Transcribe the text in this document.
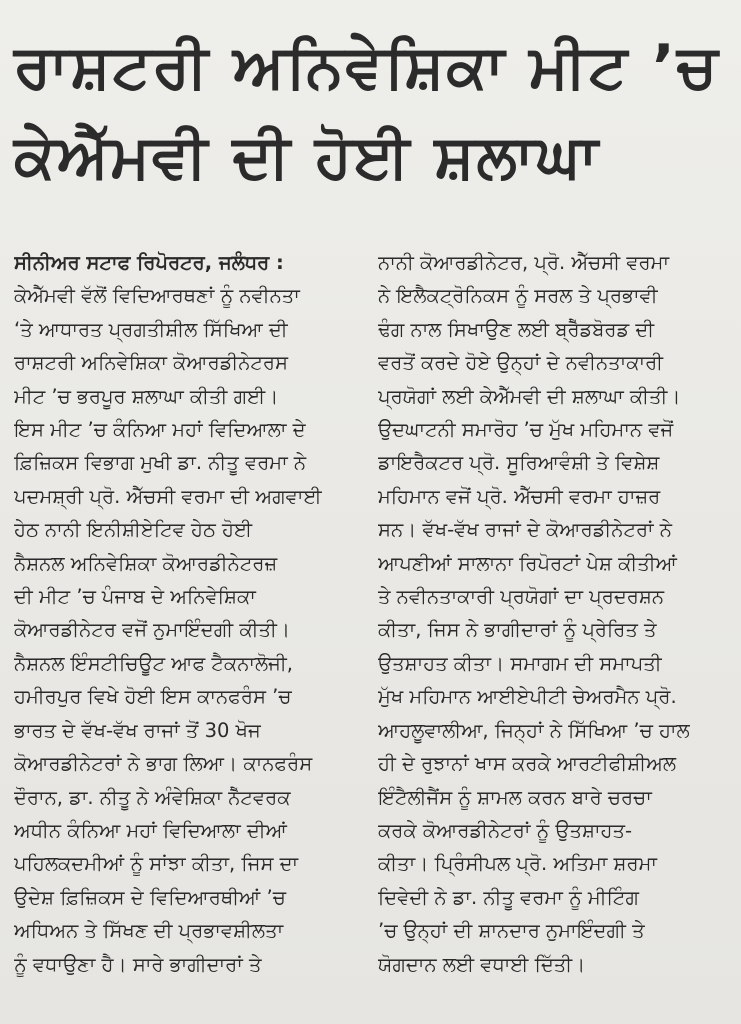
ਰਾਸ਼ਟਰੀ ਅਨਿਵੇਸ਼ਿਕਾ ਮੀਟ ’ਚ
ਕੇਐੱਮਵੀ ਦੀ ਹੋਈ ਸ਼ਲਾਘਾ
ਸੀਨੀਅਰ ਸਟਾਫ ਰਿਪੋਰਟਰ, ਜਲੰਧਰ :
ਕੇਐੱਮਵੀ ਵੱਲੋਂ ਵਿਦਿਆਰਥਣਾਂ ਨੂੰ ਨਵੀਨਤਾ
‘ਤੇ ਆਧਾਰਤ ਪ੍ਰਗਤੀਸ਼ੀਲ ਸਿੱਖਿਆ ਦੀ
ਰਾਸ਼ਟਰੀ ਅਨਿਵੇਸ਼ਿਕਾ ਕੋਆਰਡੀਨੇਟਰਸ
ਮੀਟ ’ਚ ਭਰਪੂਰ ਸ਼ਲਾਘਾ ਕੀਤੀ ਗਈ।
ਇਸ ਮੀਟ ’ਚ ਕੰਨਿਆ ਮਹਾਂ ਵਿਦਿਆਲਾ ਦੇ
ਫ਼ਿਜ਼ਿਕਸ ਵਿਭਾਗ ਮੁਖੀ ਡਾ. ਨੀਤੂ ਵਰਮਾ ਨੇ
ਪਦਮਸ਼੍ਰੀ ਪ੍ਰੋ. ਐੱਚਸੀ ਵਰਮਾ ਦੀ ਅਗਵਾਈ
ਹੇਠ ਨਾਨੀ ਇਨੀਸ਼ੀਏਟਿਵ ਹੇਠ ਹੋਈ
ਨੈਸ਼ਨਲ ਅਨਿਵੇਸ਼ਿਕਾ ਕੋਆਰਡੀਨੇਟਰਜ਼
ਦੀ ਮੀਟ ’ਚ ਪੰਜਾਬ ਦੇ ਅਨਿਵੇਸ਼ਿਕਾ
ਕੋਆਰਡੀਨੇਟਰ ਵਜੋਂ ਨੁਮਾਇੰਦਗੀ ਕੀਤੀ।
ਨੈਸ਼ਨਲ ਇੰਸਟੀਚਿਊਟ ਆਫ ਟੈਕਨਾਲੋਜੀ,
ਹਮੀਰਪੁਰ ਵਿਖੇ ਹੋਈ ਇਸ ਕਾਨਫਰੰਸ ’ਚ
ਭਾਰਤ ਦੇ ਵੱਖ-ਵੱਖ ਰਾਜਾਂ ਤੋਂ 30 ਖੋਜ
ਕੋਆਰਡੀਨੇਟਰਾਂ ਨੇ ਭਾਗ ਲਿਆ। ਕਾਨਫਰੰਸ
ਦੌਰਾਨ, ਡਾ. ਨੀਤੂ ਨੇ ਅੰਵੇਸ਼ਿਕਾ ਨੈੱਟਵਰਕ
ਅਧੀਨ ਕੰਨਿਆ ਮਹਾਂ ਵਿਦਿਆਲਾ ਦੀਆਂ
ਪਹਿਲਕਦਮੀਆਂ ਨੂੰ ਸਾਂਝਾ ਕੀਤਾ, ਜਿਸ ਦਾ
ਉਦੇਸ਼ ਫ਼ਿਜ਼ਿਕਸ ਦੇ ਵਿਦਿਆਰਥੀਆਂ ’ਚ
ਅਧਿਅਨ ਤੇ ਸਿੱਖਣ ਦੀ ਪ੍ਰਭਾਵਸ਼ੀਲਤਾ
ਨੂੰ ਵਧਾਉਣਾ ਹੈ। ਸਾਰੇ ਭਾਗੀਦਾਰਾਂ ਤੇ
ਨਾਨੀ ਕੋਆਰਡੀਨੇਟਰ, ਪ੍ਰੋ. ਐੱਚਸੀ ਵਰਮਾ
ਨੇ ਇਲੈਕਟ੍ਰੋਨਿਕਸ ਨੂੰ ਸਰਲ ਤੇ ਪ੍ਰਭਾਵੀ
ਢੰਗ ਨਾਲ ਸਿਖਾਉਣ ਲਈ ਬ੍ਰੈੱਡਬੋਰਡ ਦੀ
ਵਰਤੋਂ ਕਰਦੇ ਹੋਏ ਉਨ੍ਹਾਂ ਦੇ ਨਵੀਨਤਾਕਾਰੀ
ਪ੍ਰਯੋਗਾਂ ਲਈ ਕੇਐੱਮਵੀ ਦੀ ਸ਼ਲਾਘਾ ਕੀਤੀ।
ਉਦਘਾਟਨੀ ਸਮਾਰੋਹ ’ਚ ਮੁੱਖ ਮਹਿਮਾਨ ਵਜੋਂ
ਡਾਇਰੈਕਟਰ ਪ੍ਰੋ. ਸੂਰਿਆਵੰਸ਼ੀ ਤੇ ਵਿਸ਼ੇਸ਼
ਮਹਿਮਾਨ ਵਜੋਂ ਪ੍ਰੋ. ਐੱਚਸੀ ਵਰਮਾ ਹਾਜ਼ਰ
ਸਨ। ਵੱਖ-ਵੱਖ ਰਾਜਾਂ ਦੇ ਕੋਆਰਡੀਨੇਟਰਾਂ ਨੇ
ਆਪਣੀਆਂ ਸਾਲਾਨਾ ਰਿਪੋਰਟਾਂ ਪੇਸ਼ ਕੀਤੀਆਂ
ਤੇ ਨਵੀਨਤਾਕਾਰੀ ਪ੍ਰਯੋਗਾਂ ਦਾ ਪ੍ਰਦਰਸ਼ਨ
ਕੀਤਾ, ਜਿਸ ਨੇ ਭਾਗੀਦਾਰਾਂ ਨੂੰ ਪ੍ਰੇਰਿਤ ਤੇ
ਉਤਸ਼ਾਹਤ ਕੀਤਾ। ਸਮਾਗਮ ਦੀ ਸਮਾਪਤੀ
ਮੁੱਖ ਮਹਿਮਾਨ ਆਈਏਪੀਟੀ ਚੇਅਰਮੈਨ ਪ੍ਰੋ.
ਆਹਲੂਵਾਲੀਆ, ਜਿਨ੍ਹਾਂ ਨੇ ਸਿੱਖਿਆ ’ਚ ਹਾਲ
ਹੀ ਦੇ ਰੁਝਾਨਾਂ ਖਾਸ ਕਰਕੇ ਆਰਟੀਫੀਸ਼ੀਅਲ
ਇੰਟੈਲੀਜੈਂਸ ਨੂੰ ਸ਼ਾਮਲ ਕਰਨ ਬਾਰੇ ਚਰਚਾ
ਕਰਕੇ ਕੋਆਰਡੀਨੇਟਰਾਂ ਨੂੰ ਉਤਸ਼ਾਹਤ-
ਕੀਤਾ। ਪ੍ਰਿੰਸੀਪਲ ਪ੍ਰੋ. ਅਤਿਮਾ ਸ਼ਰਮਾ
ਦਿਵੇਦੀ ਨੇ ਡਾ. ਨੀਤੂ ਵਰਮਾ ਨੂੰ ਮੀਟਿੰਗ
’ਚ ਉਨ੍ਹਾਂ ਦੀ ਸ਼ਾਨਦਾਰ ਨੁਮਾਇੰਦਗੀ ਤੇ
ਯੋਗਦਾਨ ਲਈ ਵਧਾਈ ਦਿੱਤੀ।
